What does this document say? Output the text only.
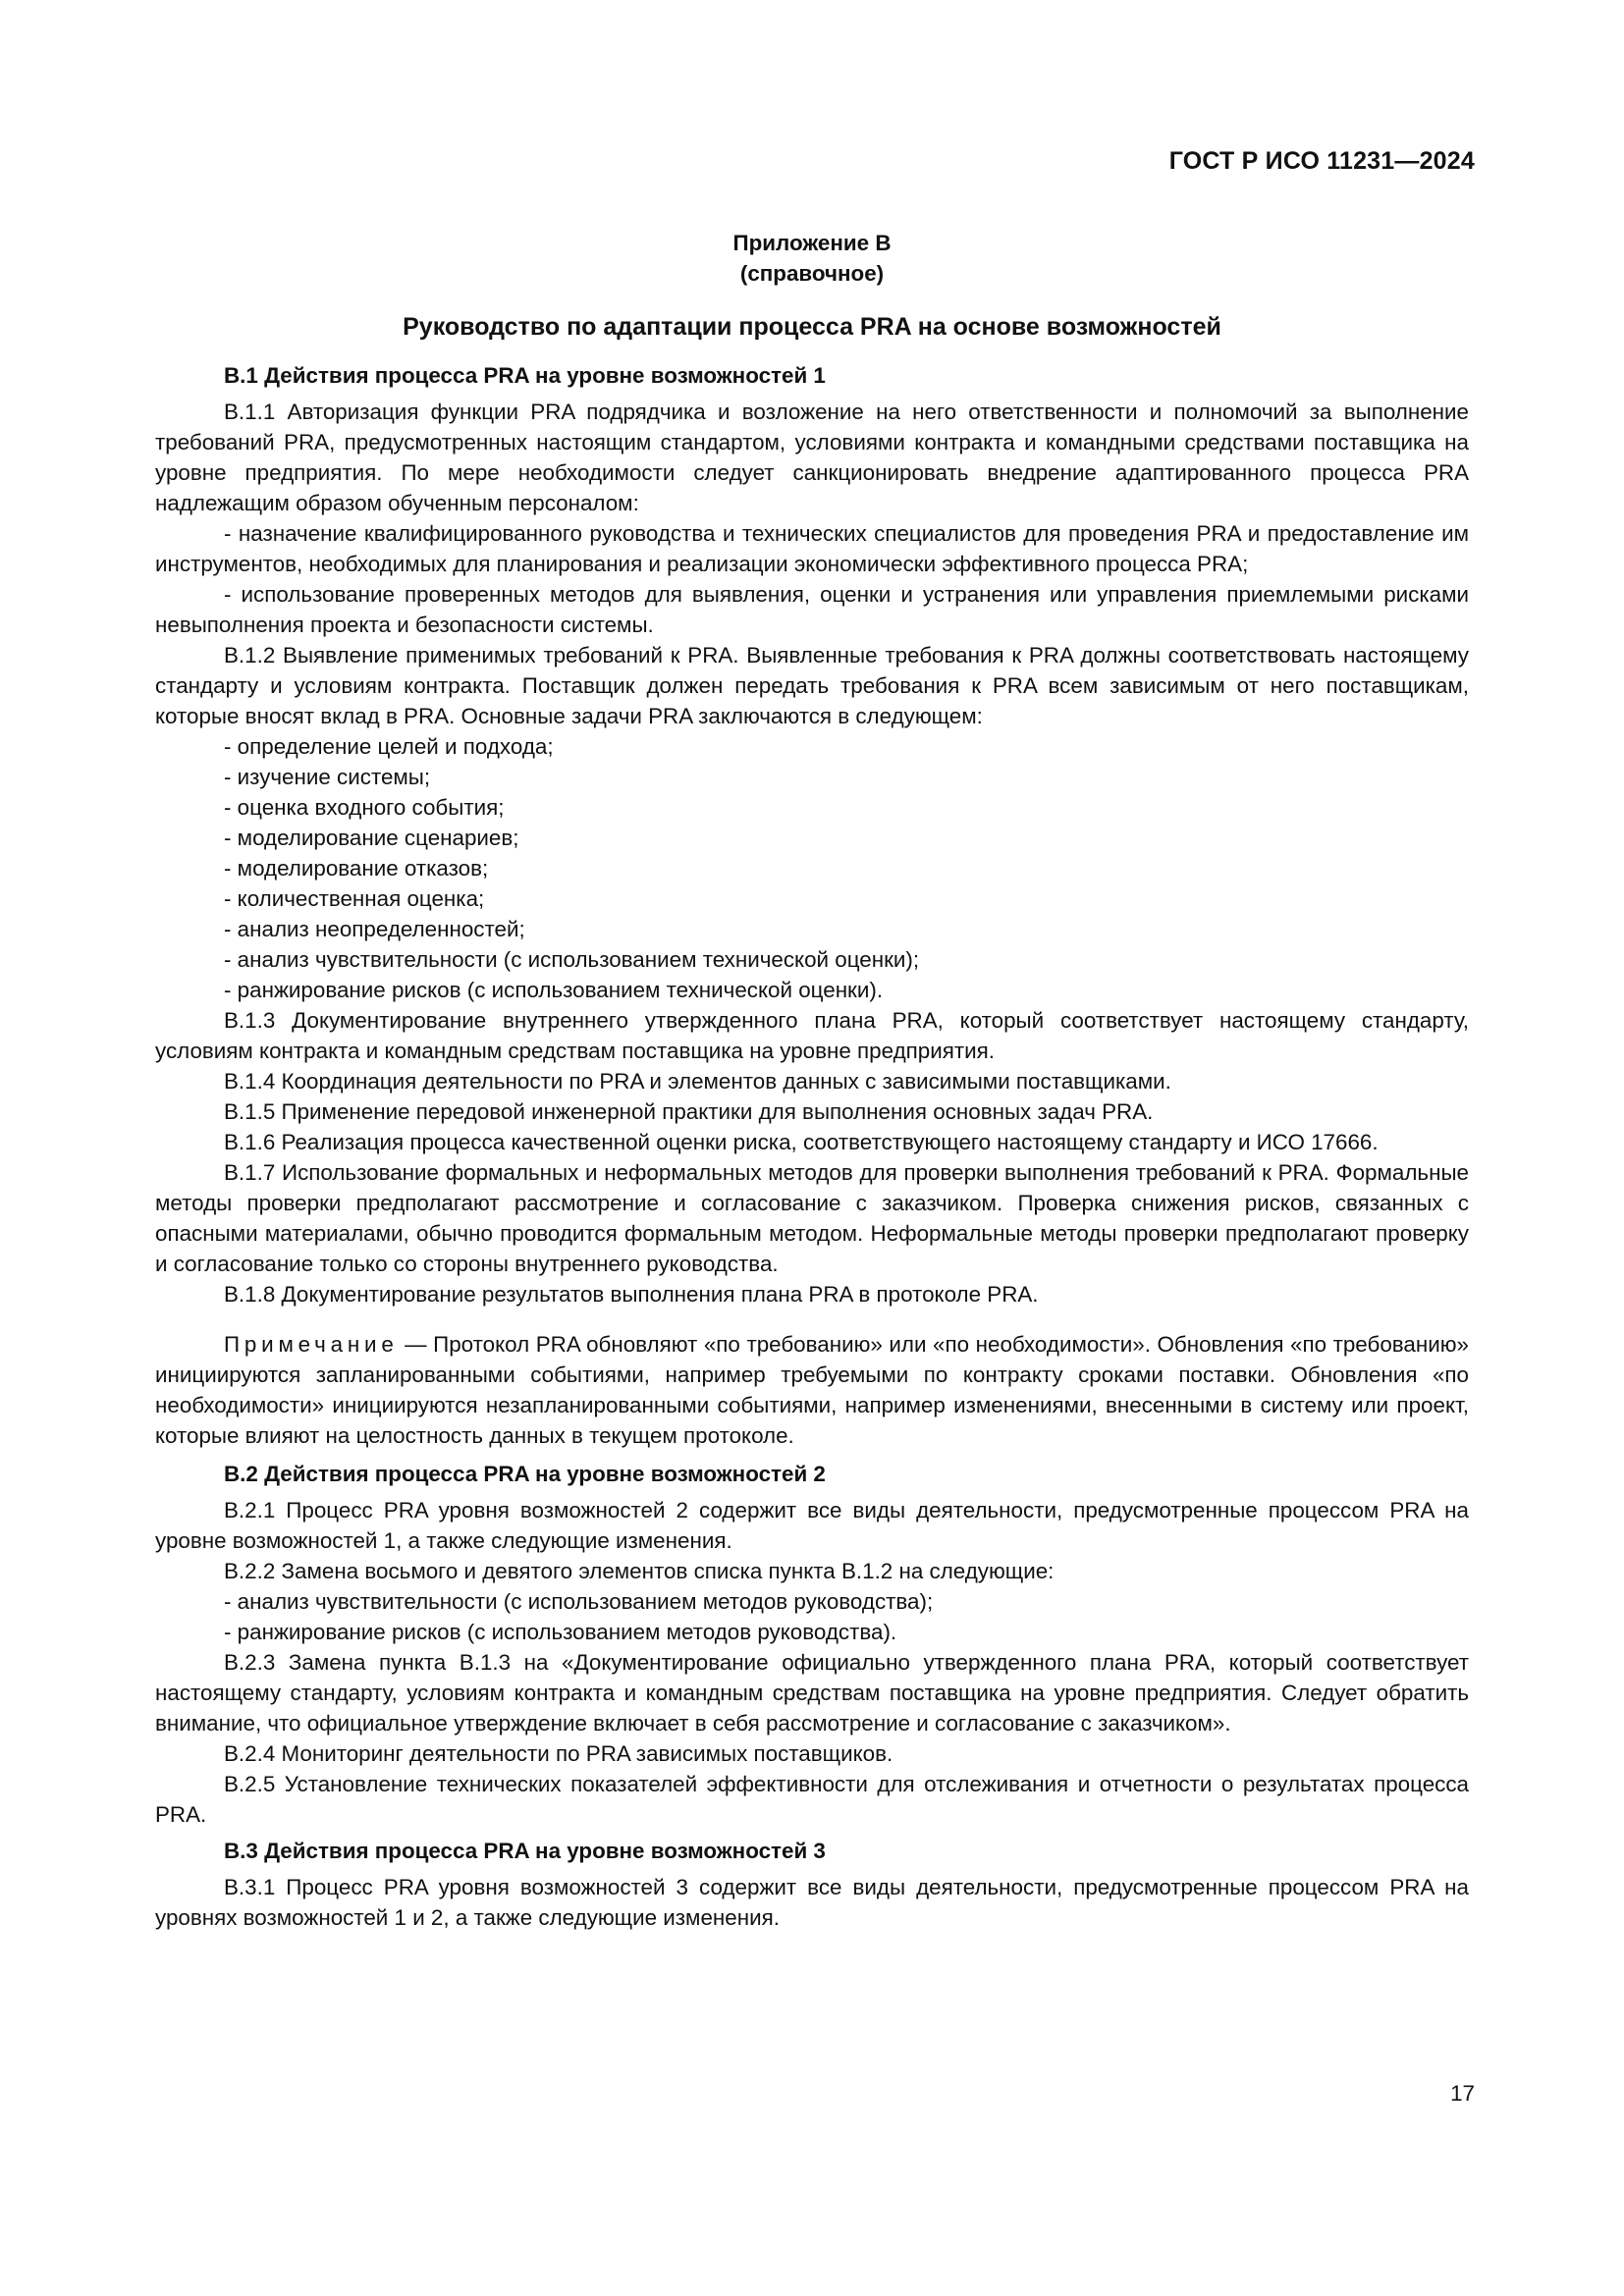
ГОСТ Р ИСО 11231—2024
Приложение В
(справочное)
Руководство по адаптации процесса PRA на основе возможностей
В.1 Действия процесса PRA на уровне возможностей 1

В.1.1 Авторизация функции PRA подрядчика и возложение на него ответственности и полномочий за выполнение требований PRA, предусмотренных настоящим стандартом, условиями контракта и командными средствами поставщика на уровне предприятия. По мере необходимости следует санкционировать внедрение адаптированного процесса PRA надлежащим образом обученным персоналом:

- назначение квалифицированного руководства и технических специалистов для проведения PRA и предоставление им инструментов, необходимых для планирования и реализации экономически эффективного процесса PRA;

- использование проверенных методов для выявления, оценки и устранения или управления приемлемыми рисками невыполнения проекта и безопасности системы.

В.1.2 Выявление применимых требований к PRA. Выявленные требования к PRA должны соответствовать настоящему стандарту и условиям контракта. Поставщик должен передать требования к PRA всем зависимым от него поставщикам, которые вносят вклад в PRA. Основные задачи PRA заключаются в следующем:

- определение целей и подхода;

- изучение системы;

- оценка входного события;

- моделирование сценариев;

- моделирование отказов;

- количественная оценка;

- анализ неопределенностей;

- анализ чувствительности (с использованием технической оценки);

- ранжирование рисков (с использованием технической оценки).

В.1.3 Документирование внутреннего утвержденного плана PRA, который соответствует настоящему стандарту, условиям контракта и командным средствам поставщика на уровне предприятия.

В.1.4 Координация деятельности по PRA и элементов данных с зависимыми поставщиками.

В.1.5 Применение передовой инженерной практики для выполнения основных задач PRA.

В.1.6 Реализация процесса качественной оценки риска, соответствующего настоящему стандарту и ИСО 17666.

В.1.7 Использование формальных и неформальных методов для проверки выполнения требований к PRA. Формальные методы проверки предполагают рассмотрение и согласование с заказчиком. Проверка снижения рисков, связанных с опасными материалами, обычно проводится формальным методом. Неформальные методы проверки предполагают проверку и согласование только со стороны внутреннего руководства.

В.1.8 Документирование результатов выполнения плана PRA в протоколе PRA.

Примечание — Протокол PRA обновляют «по требованию» или «по необходимости». Обновления «по требованию» инициируются запланированными событиями, например требуемыми по контракту сроками поставки. Обновления «по необходимости» инициируются незапланированными событиями, например изменениями, внесенными в систему или проект, которые влияют на целостность данных в текущем протоколе.

В.2 Действия процесса PRA на уровне возможностей 2

В.2.1 Процесс PRA уровня возможностей 2 содержит все виды деятельности, предусмотренные процессом PRA на уровне возможностей 1, а также следующие изменения.

В.2.2 Замена восьмого и девятого элементов списка пункта В.1.2 на следующие:

- анализ чувствительности (с использованием методов руководства);

- ранжирование рисков (с использованием методов руководства).

В.2.3 Замена пункта В.1.3 на «Документирование официально утвержденного плана PRA, который соответствует настоящему стандарту, условиям контракта и командным средствам поставщика на уровне предприятия. Следует обратить внимание, что официальное утверждение включает в себя рассмотрение и согласование с заказчиком».

В.2.4 Мониторинг деятельности по PRA зависимых поставщиков.

В.2.5 Установление технических показателей эффективности для отслеживания и отчетности о результатах процесса PRA.

В.3 Действия процесса PRA на уровне возможностей 3

В.3.1 Процесс PRA уровня возможностей 3 содержит все виды деятельности, предусмотренные процессом PRA на уровнях возможностей 1 и 2, а также следующие изменения.

17
